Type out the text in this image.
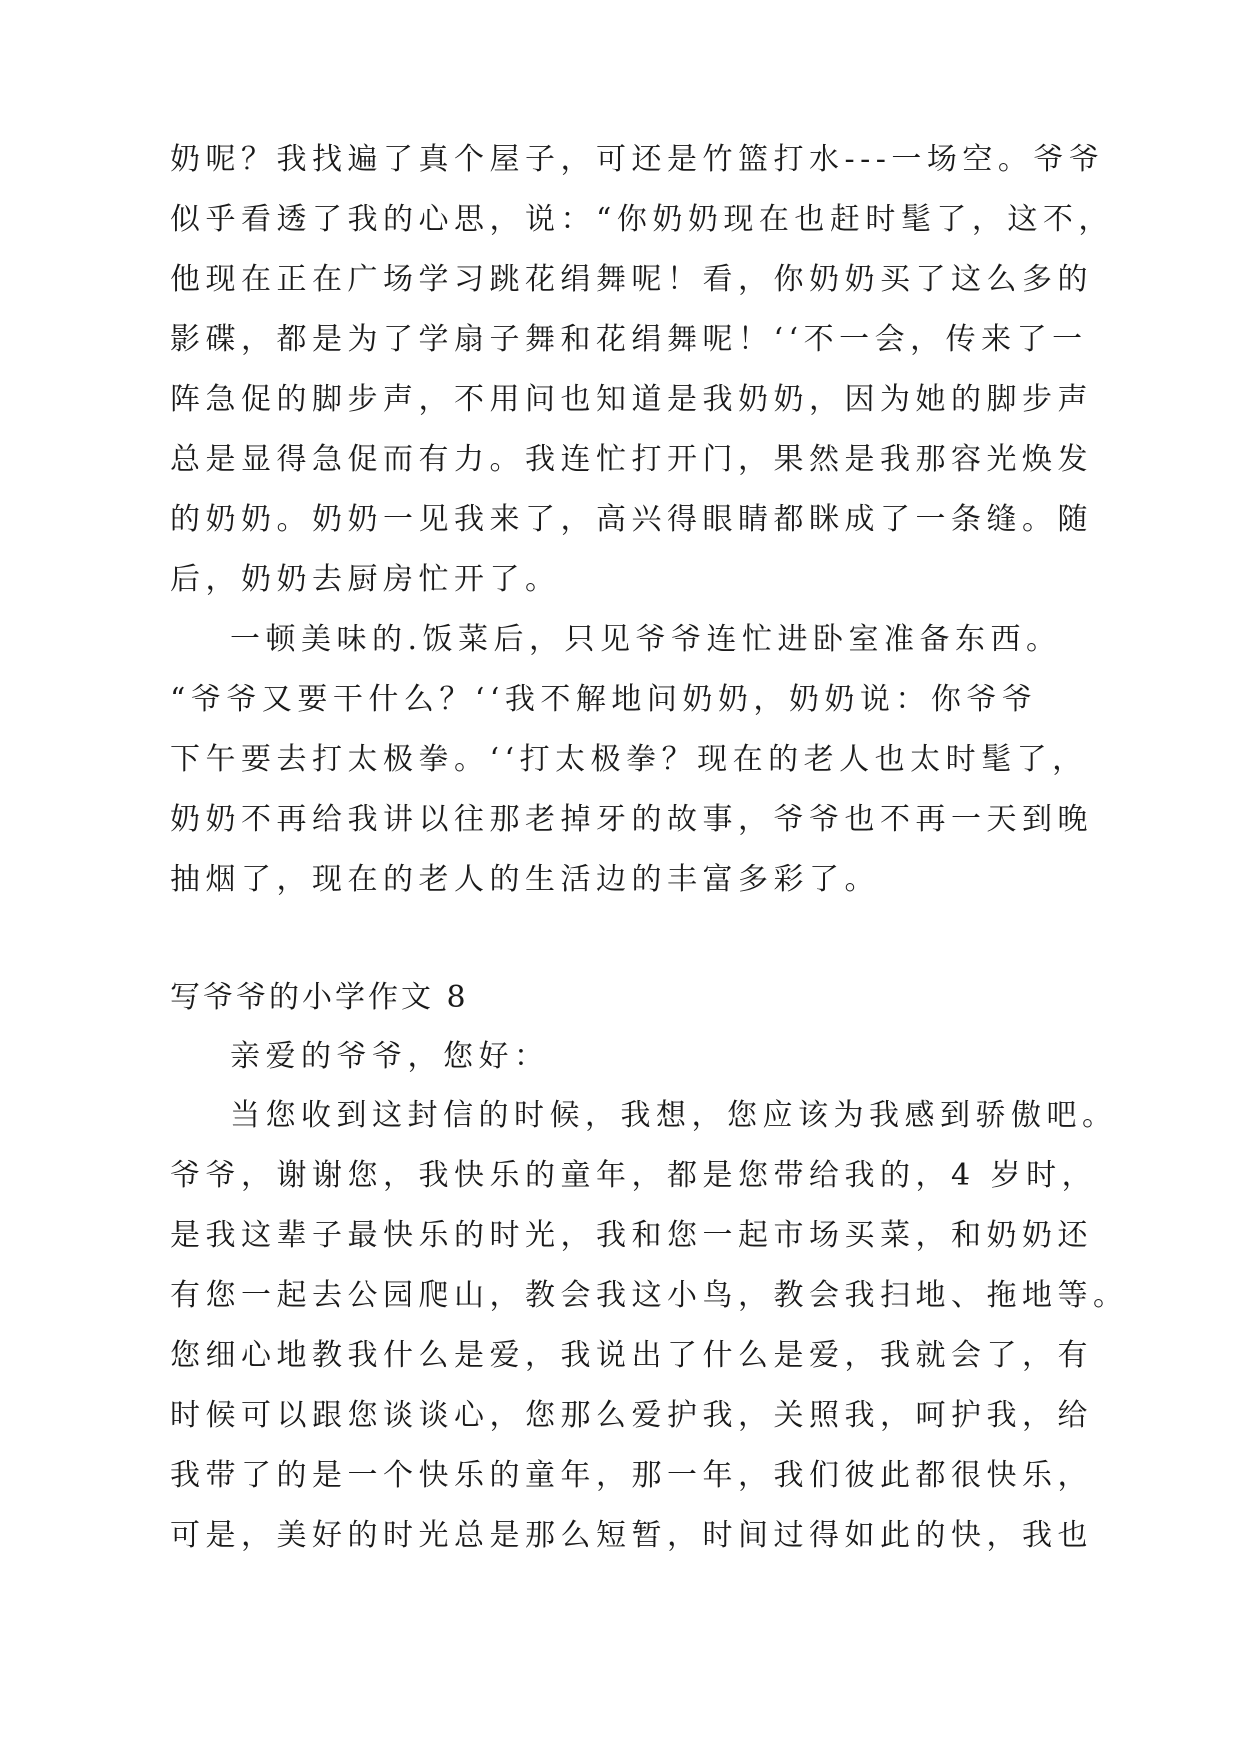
奶呢？我找遍了真个屋子，可还是竹篮打水---一场空。爷爷
似乎看透了我的心思，说：“你奶奶现在也赶时髦了，这不，
他现在正在广场学习跳花绢舞呢！看，你奶奶买了这么多的
影碟，都是为了学扇子舞和花绢舞呢！‘‘不一会，传来了一
阵急促的脚步声，不用问也知道是我奶奶，因为她的脚步声
总是显得急促而有力。我连忙打开门，果然是我那容光焕发
的奶奶。奶奶一见我来了，高兴得眼睛都眯成了一条缝。随
后，奶奶去厨房忙开了。
一顿美味的.饭菜后，只见爷爷连忙进卧室准备东西。
“爷爷又要干什么？‘‘我不解地问奶奶，奶奶说：你爷爷
下午要去打太极拳。‘‘打太极拳？现在的老人也太时髦了，
奶奶不再给我讲以往那老掉牙的故事，爷爷也不再一天到晚
抽烟了，现在的老人的生活边的丰富多彩了。
写爷爷的小学作文 8
亲爱的爷爷，您好：
当您收到这封信的时候，我想，您应该为我感到骄傲吧。
爷爷，谢谢您，我快乐的童年，都是您带给我的，4 岁时，
是我这辈子最快乐的时光，我和您一起市场买菜，和奶奶还
有您一起去公园爬山，教会我这小鸟，教会我扫地、拖地等。
您细心地教我什么是爱，我说出了什么是爱，我就会了，有
时候可以跟您谈谈心，您那么爱护我，关照我，呵护我，给
我带了的是一个快乐的童年，那一年，我们彼此都很快乐，
可是，美好的时光总是那么短暂，时间过得如此的快，我也
